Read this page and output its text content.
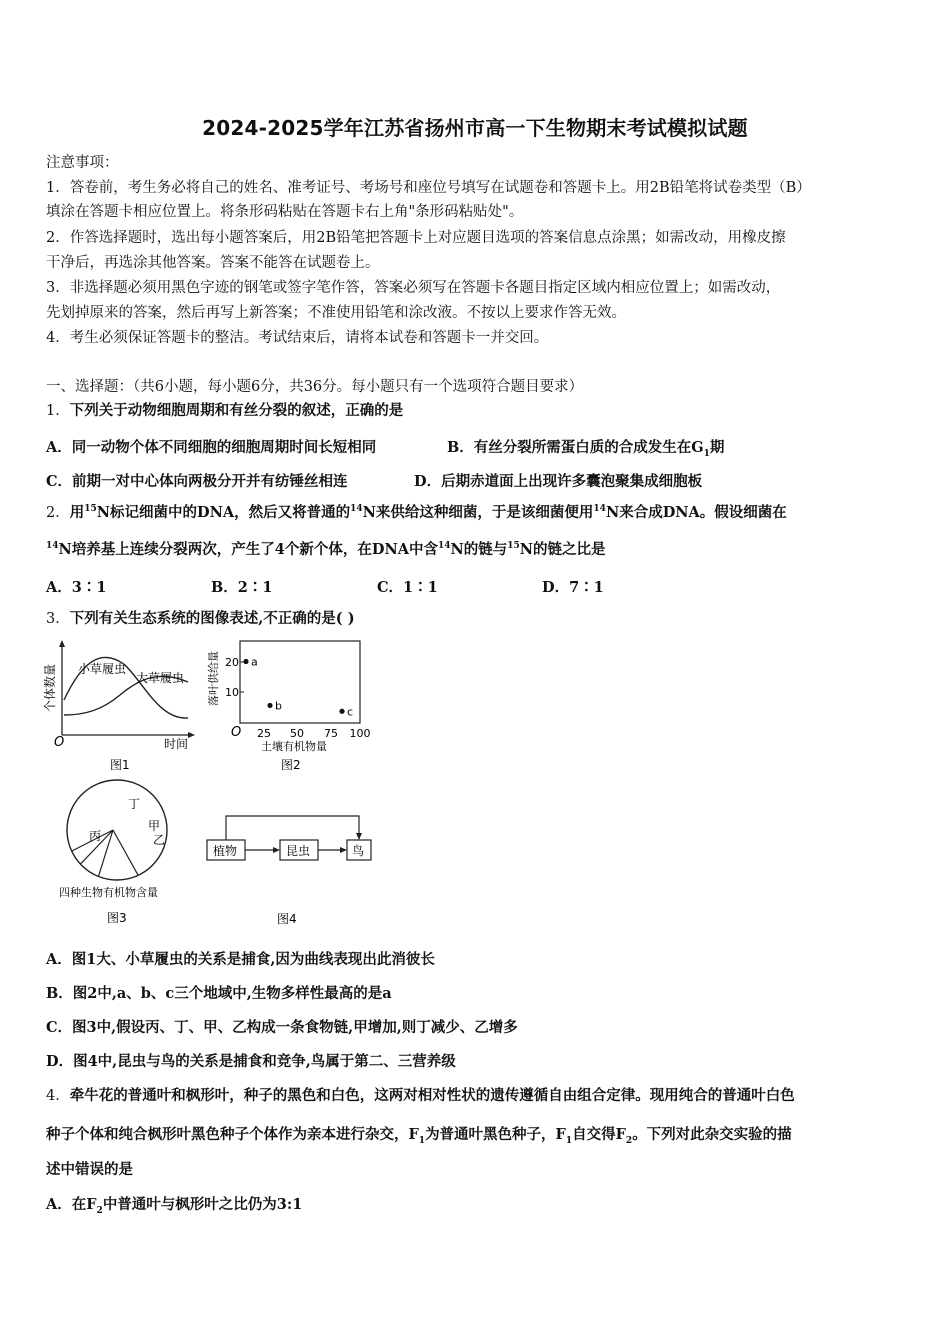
2024-2025学年江苏省扬州市高一下生物期末考试模拟试题
注意事项：
1．答卷前，考生务必将自己的姓名、准考证号、考场号和座位号填写在试题卷和答题卡上。用2B铅笔将试卷类型（B）
填涂在答题卡相应位置上。将条形码粘贴在答题卡右上角"条形码粘贴处"。
2．作答选择题时，选出每小题答案后，用2B铅笔把答题卡上对应题目选项的答案信息点涂黑；如需改动，用橡皮擦
干净后，再选涂其他答案。答案不能答在试题卷上。
3．非选择题必须用黑色字迹的钢笔或签字笔作答，答案必须写在答题卡各题目指定区域内相应位置上；如需改动，
先划掉原来的答案，然后再写上新答案；不准使用铅笔和涂改液。不按以上要求作答无效。
4．考生必须保证答题卡的整洁。考试结束后，请将本试卷和答题卡一并交回。
一、选择题：（共6小题，每小题6分，共36分。每小题只有一个选项符合题目要求）
1．下列关于动物细胞周期和有丝分裂的叙述，正确的是
A．同一动物个体不同细胞的细胞周期时间长短相同	B．有丝分裂所需蛋白质的合成发生在$G_1$期
C．前期一对中心体向两极分开并有纺锤丝相连	D．后期赤道面上出现许多囊泡聚集成细胞板
2．用$^{15}$N标记细菌中的DNA，然后又将普通的$^{14}$N来供给这种细菌，于是该细菌便用$^{14}$N来合成DNA。假设细菌在
$^{14}$N培养基上连续分裂两次，产生了4个新个体，在DNA中含$^{14}$N的链与$^{15}$N的链之比是
A．3∶1	B．2∶1	C．1∶1	D．7∶1
3．下列有关生态系统的图像表述,不正确的是( )
个体数量 小草履虫
大草履虫
O	时间
图1
20
10
落叶供给量
O 25 50 75 100
a
b	c
土壤有机物量
图2
丙
丁
甲
乙
四种生物有机物含量
图3
植物	昆虫	鸟
图4
A．图1大、小草履虫的关系是捕食,因为曲线表现出此消彼长
B．图2中,a、b、c三个地域中,生物多样性最高的是a
C．图3中,假设丙、丁、甲、乙构成一条食物链,甲增加,则丁减少、乙增多
D．图4中,昆虫与鸟的关系是捕食和竞争,鸟属于第二、三营养级
4．牵牛花的普通叶和枫形叶，种子的黑色和白色，这两对相对性状的遗传遵循自由组合定律。现用纯合的普通叶白色
种子个体和纯合枫形叶黑色种子个体作为亲本进行杂交，$F_1$为普通叶黑色种子，$F_1$自交得$F_2$。下列对此杂交实验的描
述中错误的是
A．在$F_2$中普通叶与枫形叶之比仍为3:1
